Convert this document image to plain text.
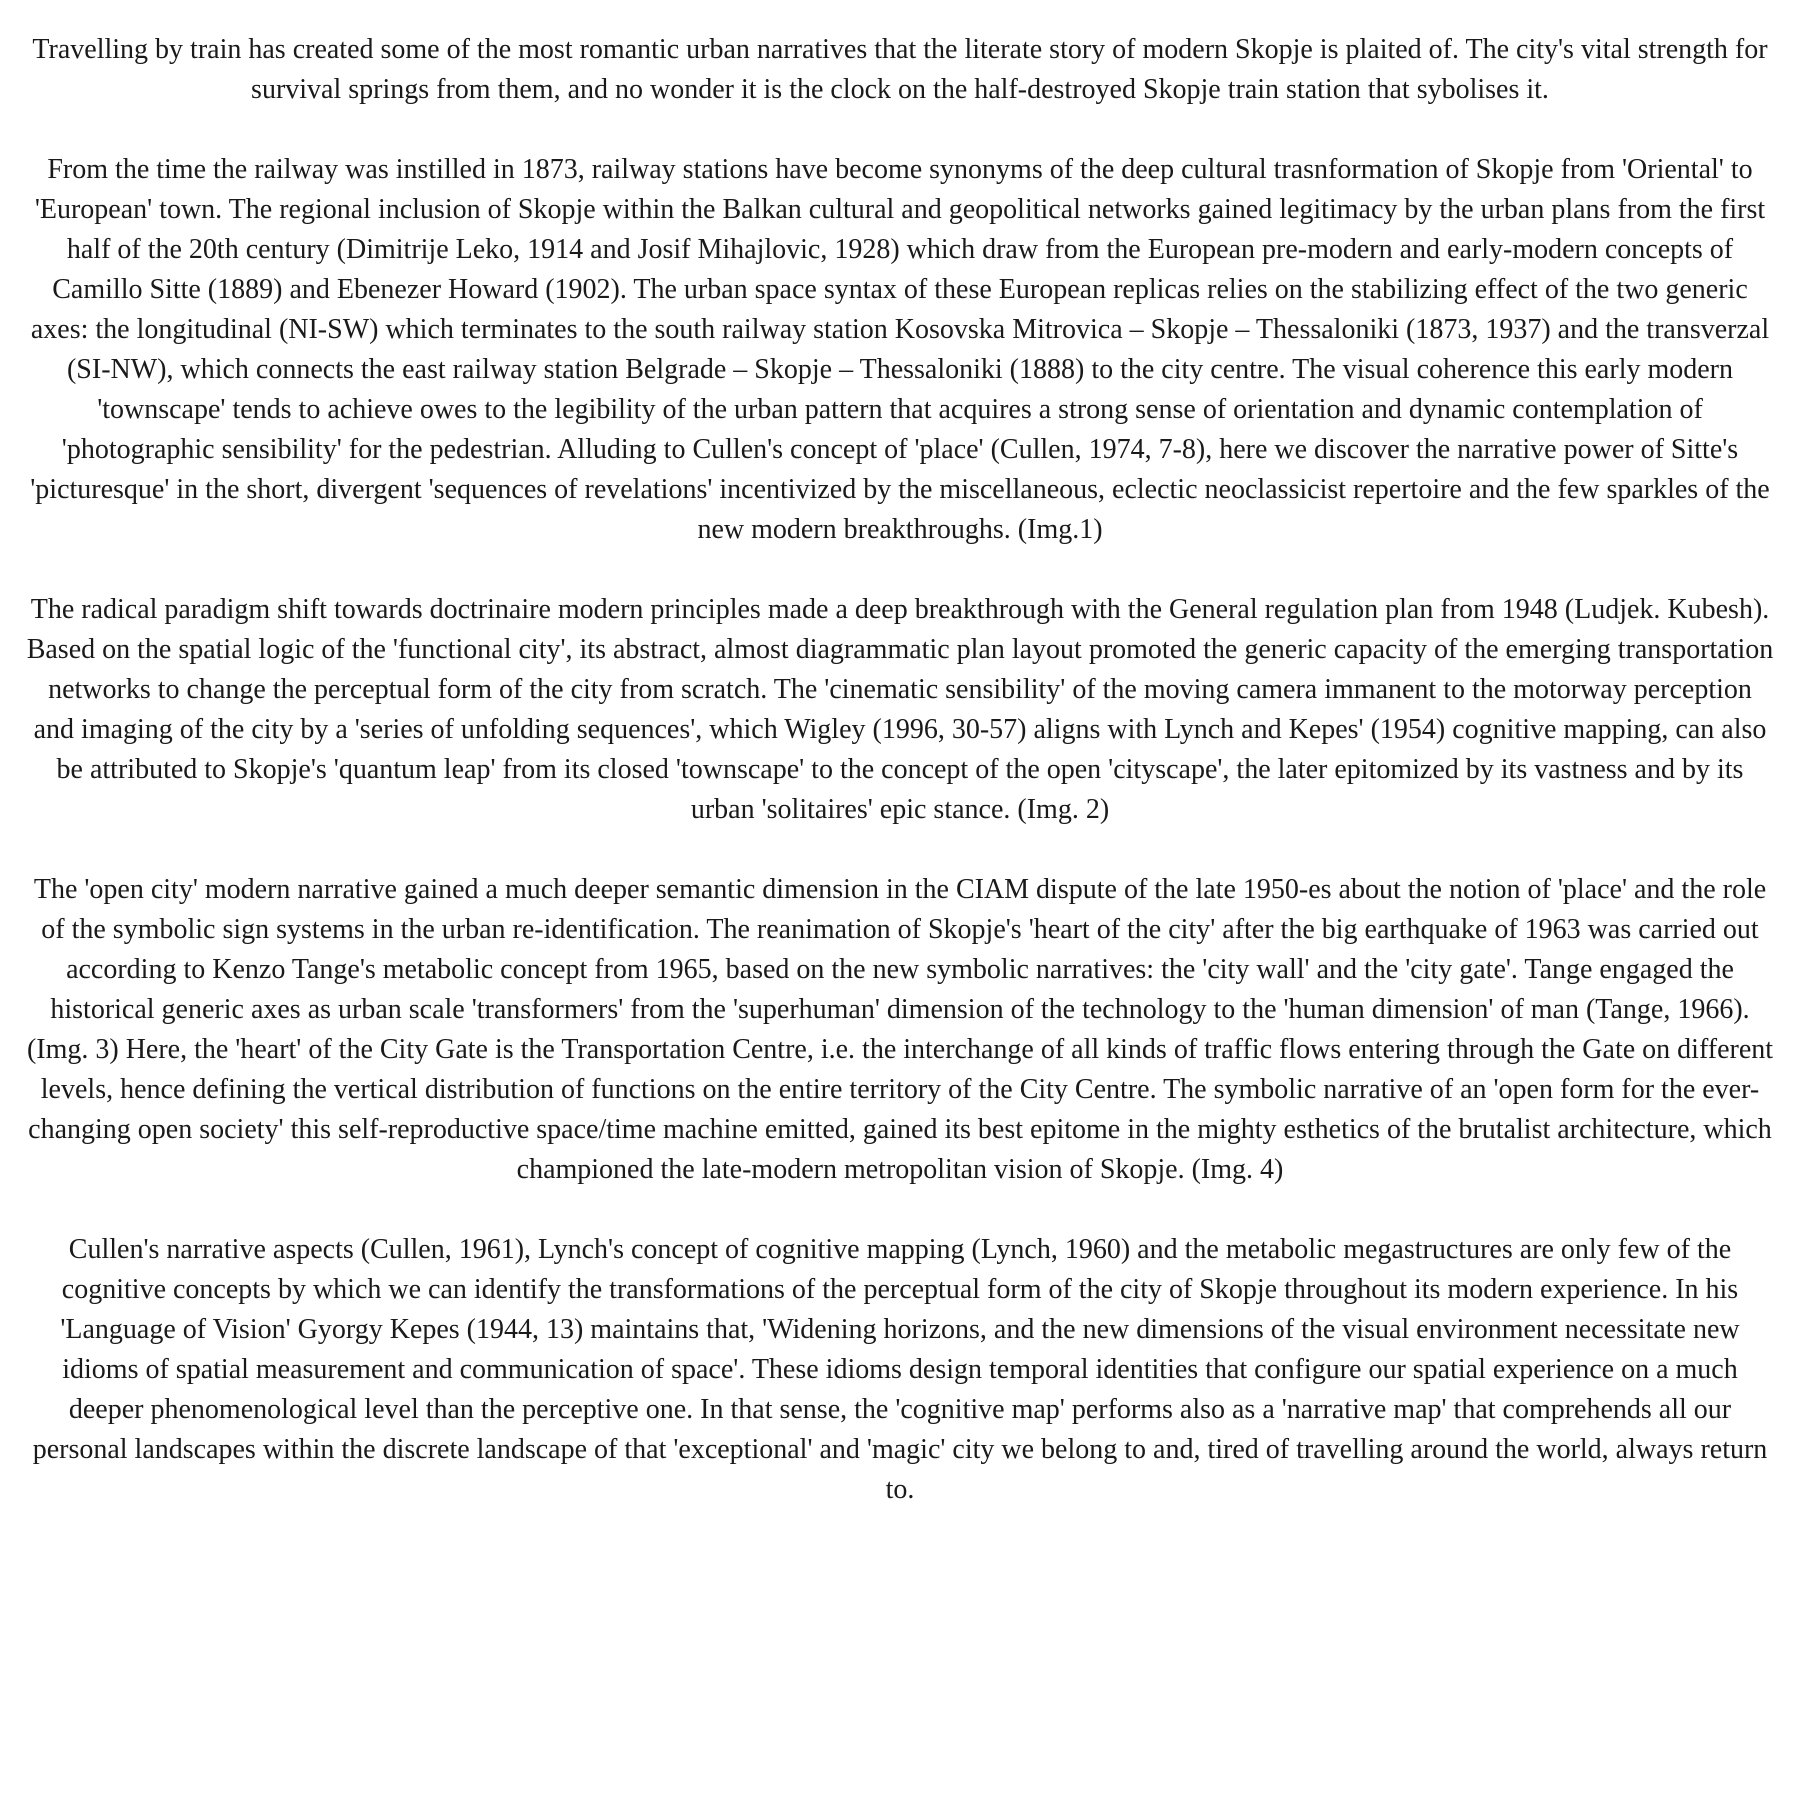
Travelling by train has created some of the most romantic urban narratives that the literate story of modern Skopje is plaited of. The city's vital strength for survival springs from them, and no wonder it is the clock on the half-destroyed Skopje train station that sybolises it.

From the time the railway was instilled in 1873, railway stations have become synonyms of the deep cultural trasnformation of Skopje from 'Oriental' to 'European' town. The regional inclusion of Skopje within the Balkan cultural and geopolitical networks gained legitimacy by the urban plans from the first half of the 20th century (Dimitrije Leko, 1914 and Josif Mihajlovic, 1928) which draw from the European pre-modern and early-modern concepts of Camillo Sitte (1889) and Ebenezer Howard (1902). The urban space syntax of these European replicas relies on the stabilizing effect of the two generic axes: the longitudinal (NI-SW) which terminates to the south railway station Kosovska Mitrovica – Skopje – Thessaloniki (1873, 1937) and the transverzal (SI-NW), which connects the east railway station Belgrade – Skopje – Thessaloniki (1888) to the city centre. The visual coherence this early modern 'townscape' tends to achieve owes to the legibility of the urban pattern that acquires a strong sense of orientation and dynamic contemplation of 'photographic sensibility' for the pedestrian. Alluding to Cullen's concept of 'place' (Cullen, 1974, 7-8), here we discover the narrative power of Sitte's 'picturesque' in the short, divergent 'sequences of revelations' incentivized by the miscellaneous, eclectic neoclassicist repertoire and the few sparkles of the new modern breakthroughs. (Img.1)

The radical paradigm shift towards doctrinaire modern principles made a deep breakthrough with the General regulation plan from 1948 (Ludjek. Kubesh). Based on the spatial logic of the 'functional city', its abstract, almost diagrammatic plan layout promoted the generic capacity of the emerging transportation networks to change the perceptual form of the city from scratch. The 'cinematic sensibility' of the moving camera immanent to the motorway perception and imaging of the city by a 'series of unfolding sequences', which Wigley (1996, 30-57) aligns with Lynch and Kepes' (1954) cognitive mapping, can also be attributed to Skopje's 'quantum leap' from its closed 'townscape' to the concept of the open 'cityscape', the later epitomized by its vastness and by its urban 'solitaires' epic stance. (Img. 2)

The 'open city' modern narrative gained a much deeper semantic dimension in the CIAM dispute of the late 1950-es about the notion of 'place' and the role of the symbolic sign systems in the urban re-identification. The reanimation of Skopje's 'heart of the city' after the big earthquake of 1963 was carried out according to Kenzo Tange's metabolic concept from 1965, based on the new symbolic narratives: the 'city wall' and the 'city gate'. Tange engaged the historical generic axes as urban scale 'transformers' from the 'superhuman' dimension of the technology to the 'human dimension' of man (Tange, 1966). (Img. 3) Here, the 'heart' of the City Gate is the Transportation Centre, i.e. the interchange of all kinds of traffic flows entering through the Gate on different levels, hence defining the vertical distribution of functions on the entire territory of the City Centre. The symbolic narrative of an 'open form for the ever-changing open society' this self-reproductive space/time machine emitted, gained its best epitome in the mighty esthetics of the brutalist architecture, which championed the late-modern metropolitan vision of Skopje. (Img. 4)

Cullen's narrative aspects (Cullen, 1961), Lynch's concept of cognitive mapping (Lynch, 1960) and the metabolic megastructures are only few of the cognitive concepts by which we can identify the transformations of the perceptual form of the city of Skopje throughout its modern experience. In his 'Language of Vision' Gyorgy Kepes (1944, 13) maintains that, 'Widening horizons, and the new dimensions of the visual environment necessitate new idioms of spatial measurement and communication of space'. These idioms design temporal identities that configure our spatial experience on a much deeper phenomenological level than the perceptive one. In that sense, the 'cognitive map' performs also as a 'narrative map' that comprehends all our personal landscapes within the discrete landscape of that 'exceptional' and 'magic' city we belong to and, tired of travelling around the world, always return to.
